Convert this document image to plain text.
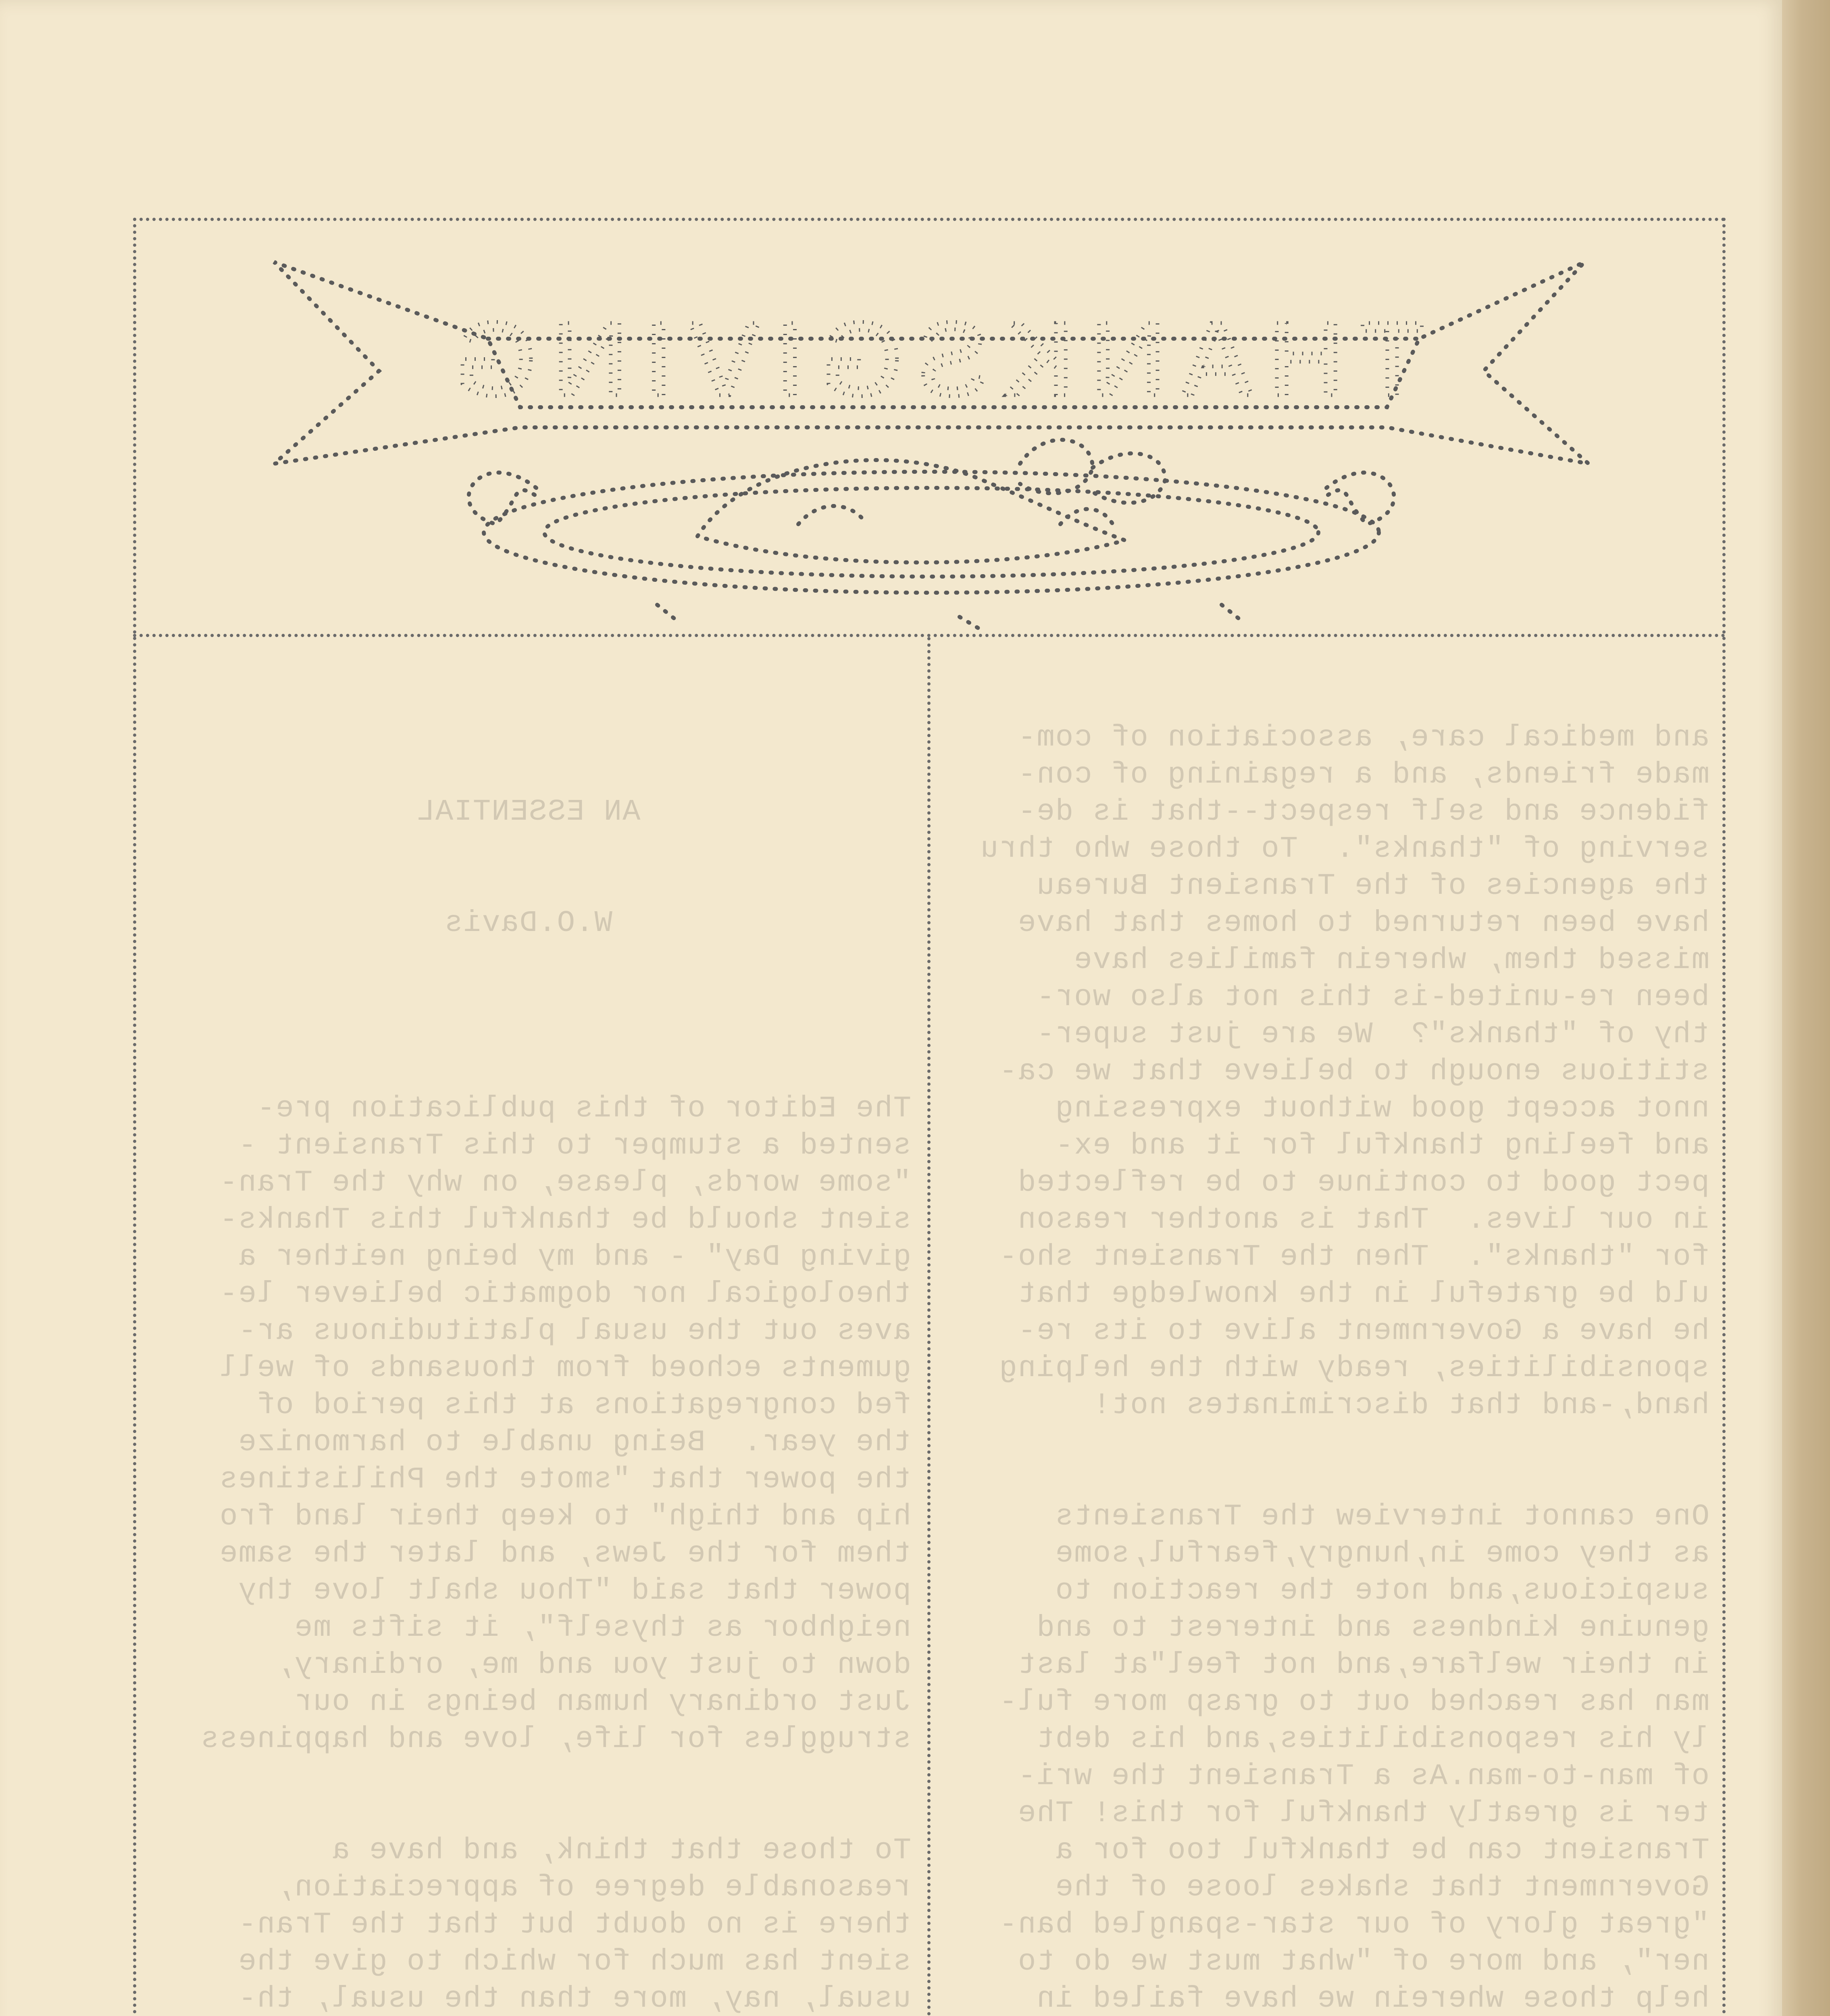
THANKSGIVING

AN ESSENTIAL

W.O.Davis

The Editor of this publication pre-
sented a stumper to this Transient -
"some words, please, on why the Tran-
sient should be thankful this Thanks-
giving Day" - and my being neither a
theological nor dogmatic believer le-
aves out the usual platitudinous ar-
guments echoed from thousands of well
fed congregations at this period of
the year.  Being unable to harmonize
the power that "smote the Philistines
hip and thigh" to keep their land fro
them for the Jews, and later the same
power that said "Thou shalt love thy
neighbor as thyself", it sifts me
down to just you and me, ordinary,
Just ordinary human beings in our
struggles for life, love and happiness

To those that think, and have a
reasonable degree of appreciation,
there is no doubt but that the Tran-
sient has much for which to give the
usual, nay, more than the usual, th-

and medical care, association of com-
made friends, and a regaining of con-
fidence and self respect--that is de-
serving of "thanks".  To those who thru
the agencies of the Transient Bureau
have been returned to homes that have
missed them, wherein families have
been re-united-is this not also wor-
thy of "thanks"?  We are just super-
stitious enough to believe that we ca-
nnot accept good without expressing
and feeling thankful for it and ex-
pect good to continue to be reflected
in our lives.  That is another reason
for "thanks".  Then the Transient sho-
uld be grateful in the knowledge that
he have a Government alive to its re-
sponsibilities, ready with the helping
hand,-and that discriminates not!

One cannot interview the Transients
as they come in,hungry,fearful,some
suspicious,and note the reaction to
genuine kindness and interest to and
in their welfare,and not feel"at last
man has reached out to grasp more ful-
ly his responsibilities,and his debt
of man-to-man.As a Transient the wri-
ter is greatly thankful for this! The
Transient can be thankful too for a
Government that shakes loose of the
"great glory of our star-spangled ban-
ner", and more of "what must we do to
help those wherein we have failed in
